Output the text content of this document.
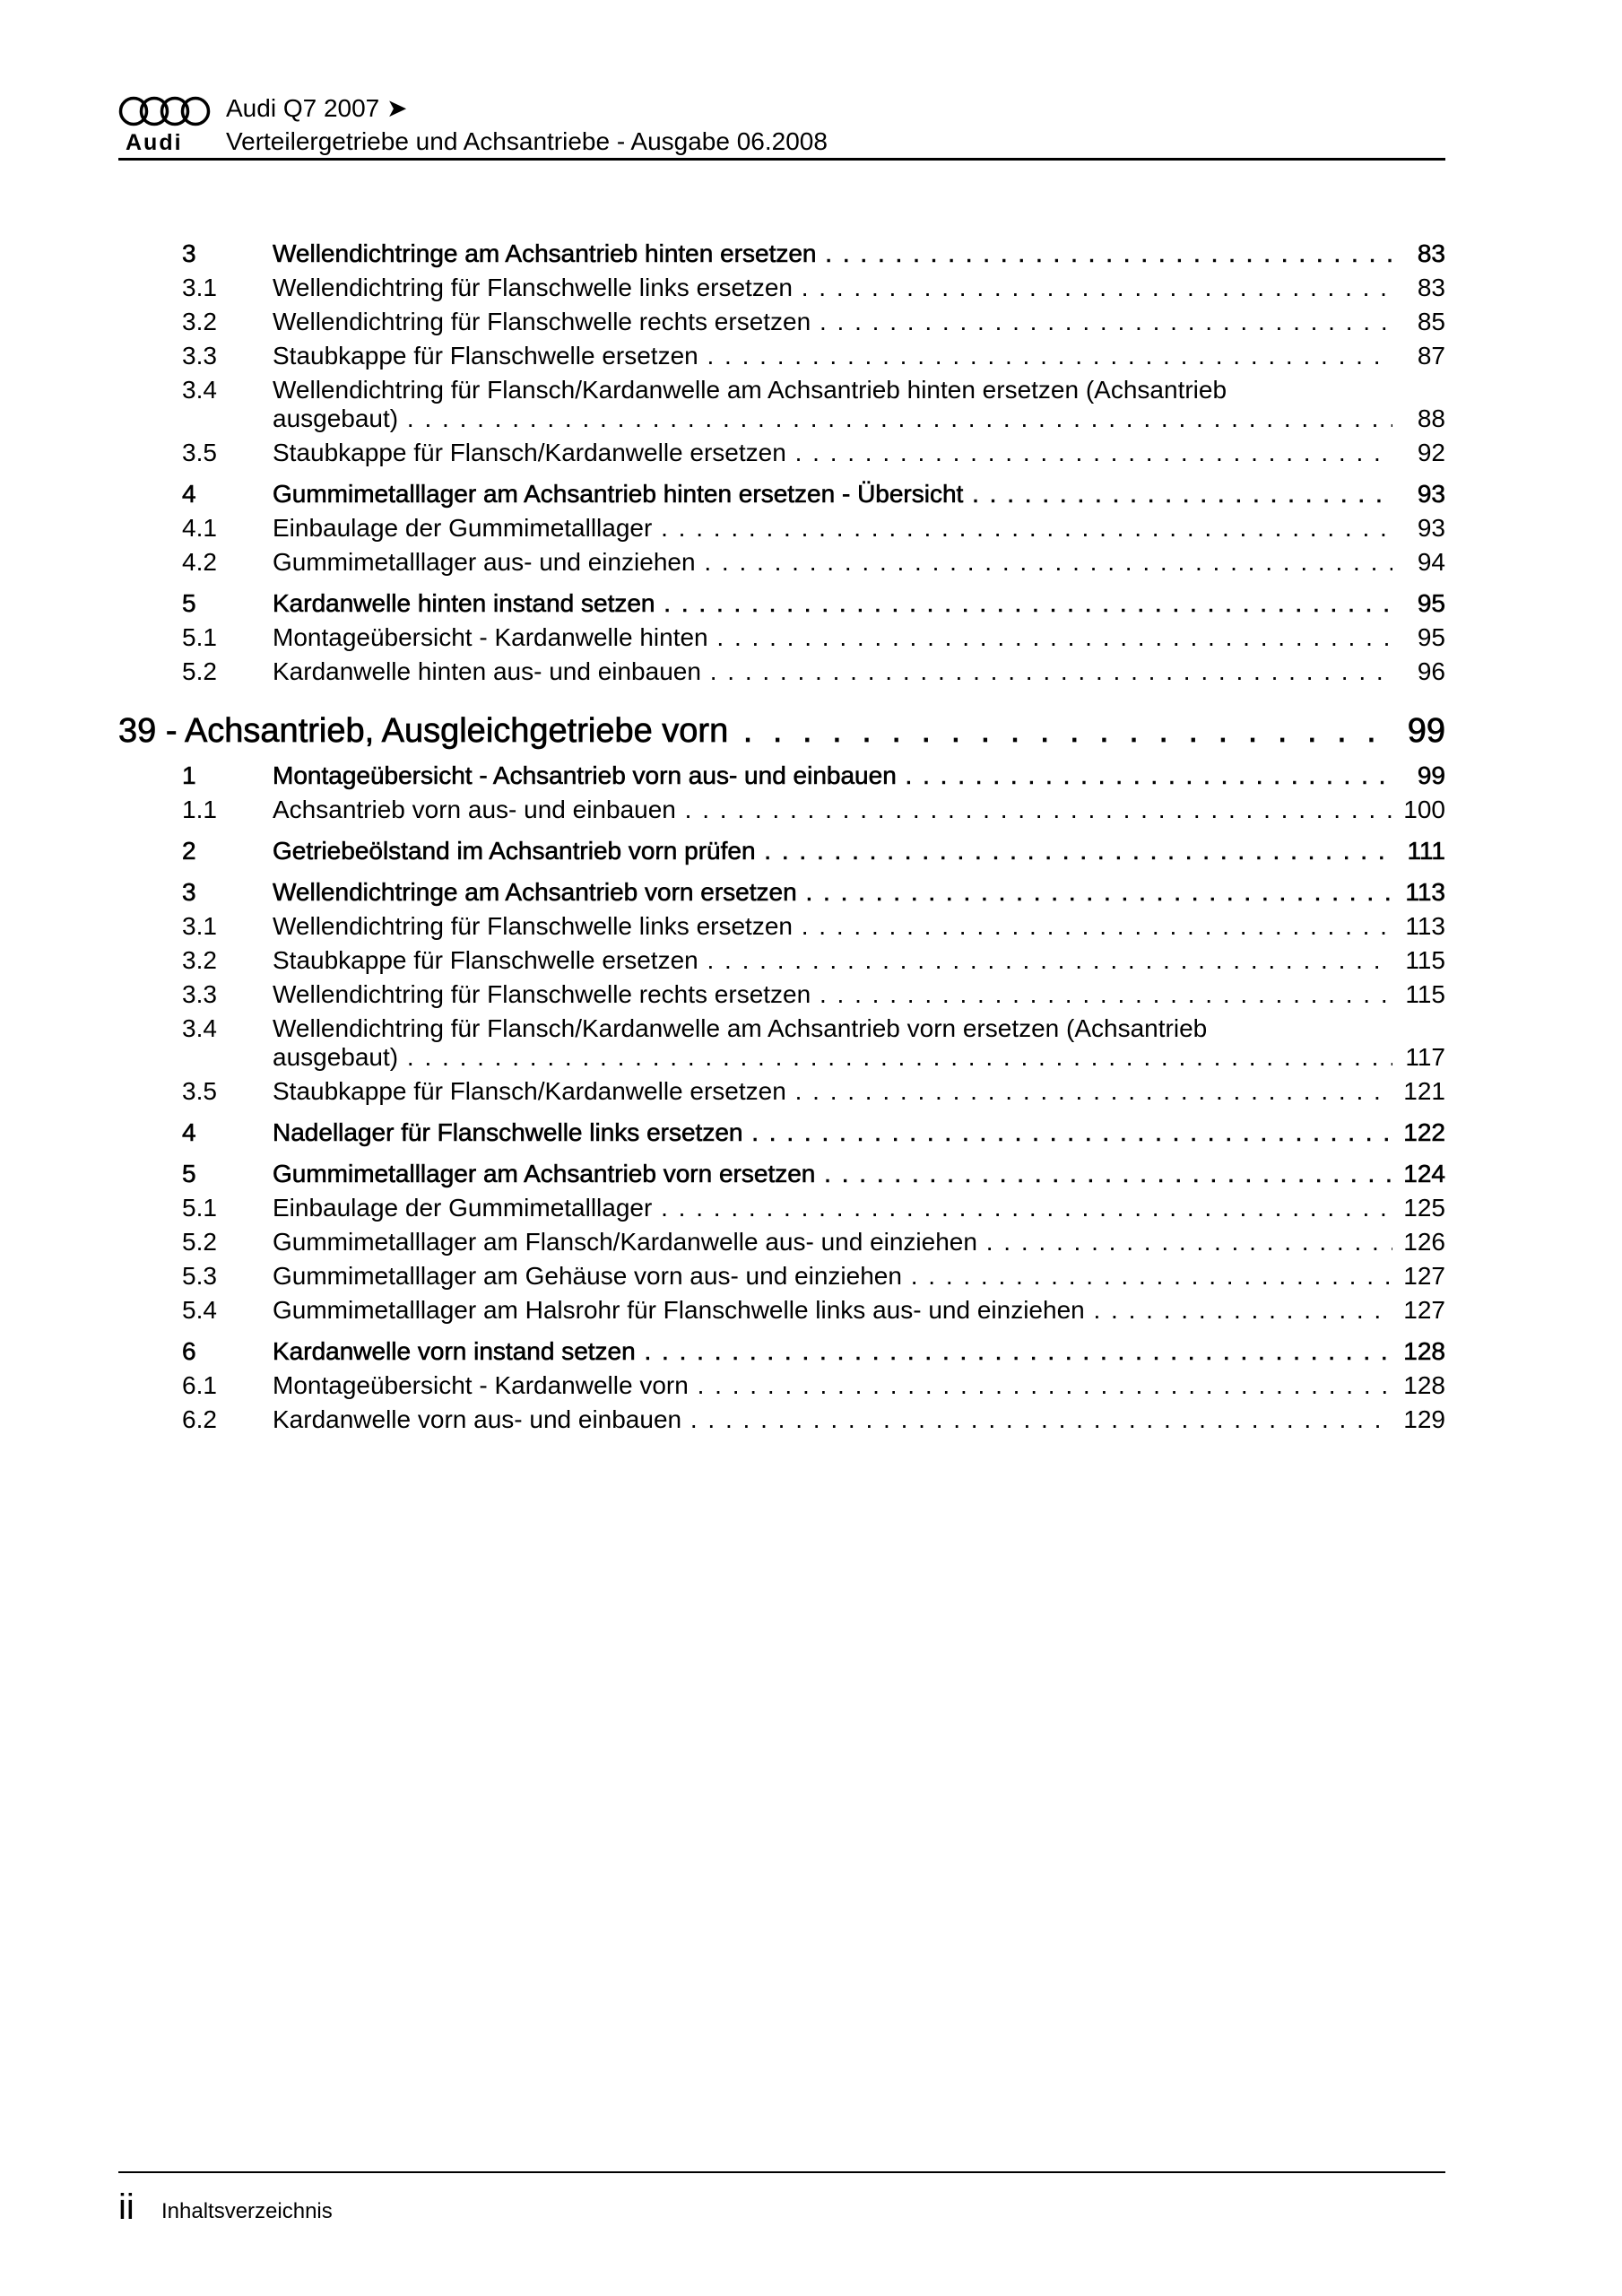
Audi
Audi Q7 2007 ➤
Verteilergetriebe und Achsantriebe - Ausgabe 06.2008
3	Wellendichtringe am Achsantrieb hinten ersetzen . . .	83
3.1 Wellendichtring für Flanschwelle links ersetzen . . .	83
3.2 Wellendichtring für Flanschwelle rechts ersetzen . . .	85
3.3 Staubkappe für Flanschwelle ersetzen . . .	87
3.4 Wellendichtring für Flansch/Kardanwelle am Achsantrieb hinten ersetzen (Achsantrieb
ausgebaut) . . .	88
3.5 Staubkappe für Flansch/Kardanwelle ersetzen . . .	92
4	Gummimetalllager am Achsantrieb hinten ersetzen - Übersicht . . .	93
4.1 Einbaulage der Gummimetalllager . . .	93
4.2 Gummimetalllager aus- und einziehen . . .	94
5	Kardanwelle hinten instand setzen . . .	95
5.1 Montageübersicht - Kardanwelle hinten . . .	95
5.2 Kardanwelle hinten aus- und einbauen . . .	96
39 - Achsantrieb, Ausgleichgetriebe vorn . . .	99
1	Montageübersicht - Achsantrieb vorn aus- und einbauen . . .	99
1.1 Achsantrieb vorn aus- und einbauen . . .	100
2	Getriebeölstand im Achsantrieb vorn prüfen . . .	111
3	Wellendichtringe am Achsantrieb vorn ersetzen . . .	113
3.1 Wellendichtring für Flanschwelle links ersetzen . . .	113
3.2 Staubkappe für Flanschwelle ersetzen . . .	115
3.3 Wellendichtring für Flanschwelle rechts ersetzen . . .	115
3.4 Wellendichtring für Flansch/Kardanwelle am Achsantrieb vorn ersetzen (Achsantrieb
ausgebaut) . . .	117
3.5 Staubkappe für Flansch/Kardanwelle ersetzen . . .	121
4	Nadellager für Flanschwelle links ersetzen . . .	122
5	Gummimetalllager am Achsantrieb vorn ersetzen . . .	124
5.1 Einbaulage der Gummimetalllager . . .	125
5.2 Gummimetalllager am Flansch/Kardanwelle aus- und einziehen . . .	126
5.3 Gummimetalllager am Gehäuse vorn aus- und einziehen . . .	127
5.4 Gummimetalllager am Halsrohr für Flanschwelle links aus- und einziehen . . .	127
6	Kardanwelle vorn instand setzen . . .	128
6.1 Montageübersicht - Kardanwelle vorn . . .	128
6.2 Kardanwelle vorn aus- und einbauen . . .	129
ii Inhaltsverzeichnis
